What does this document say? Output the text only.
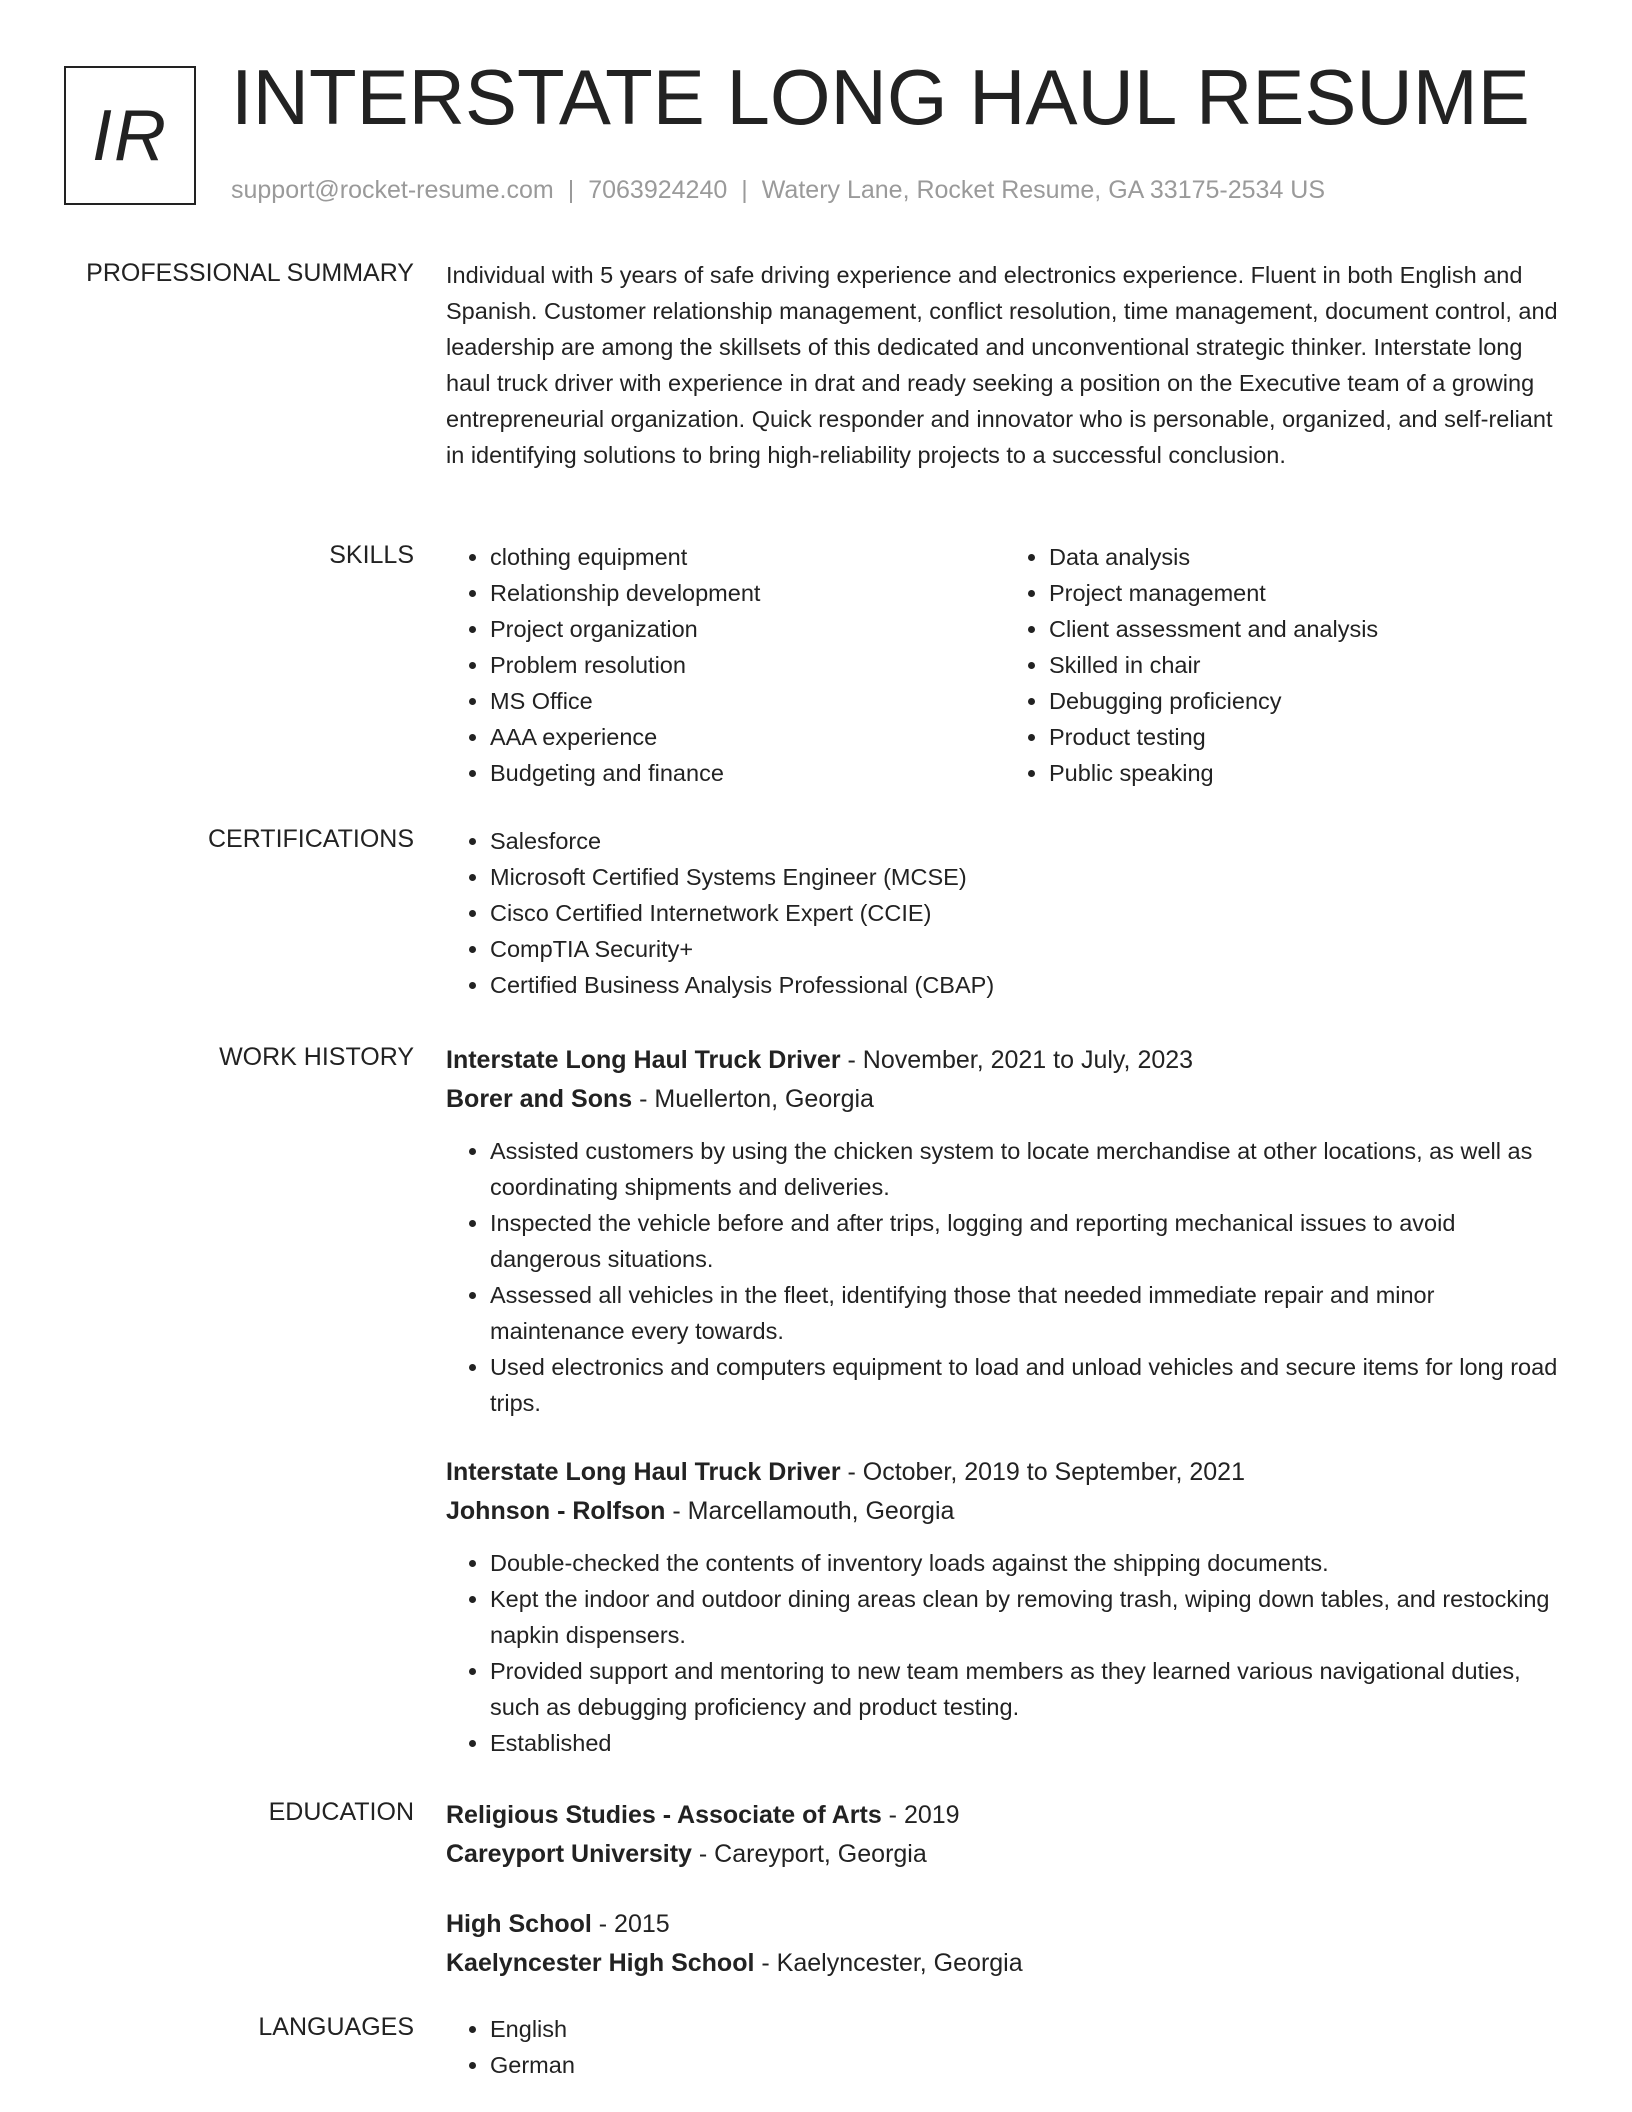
IR INTERSTATE LONG HAUL RESUME
support@rocket-resume.com | 7063924240 | Watery Lane, Rocket Resume, GA 33175-2534 US
PROFESSIONAL SUMMARY Individual with 5 years of safe driving experience and electronics experience. Fluent in both English and Spanish. Customer relationship management, conflict resolution, time management, document control, and leadership are among the skillsets of this dedicated and unconventional strategic thinker. Interstate long haul truck driver with experience in drat and ready seeking a position on the Executive team of a growing entrepreneurial organization. Quick responder and innovator who is personable, organized, and self-reliant in identifying solutions to bring high-reliability projects to a successful conclusion.

SKILLS	• clothing equipment
• Relationship development
• Project organization
• Problem resolution
• MS Office
• AAA experience
• Budgeting and finance
• Data analysis
• Project management
• Client assessment and analysis
• Skilled in chair
• Debugging proficiency
• Product testing
• Public speaking
CERTIFICATIONS	• Salesforce
• Microsoft Certified Systems Engineer (MCSE)
• Cisco Certified Internetwork Expert (CCIE)
• CompTIA Security+
• Certified Business Analysis Professional (CBAP)
WORK HISTORY Interstate Long Haul Truck Driver - November, 2021 to July, 2023
Borer and Sons - Muellerton, Georgia
• Assisted customers by using the chicken system to locate merchandise at other locations, as well as coordinating shipments and deliveries.
• Inspected the vehicle before and after trips, logging and reporting mechanical issues to avoid dangerous situations.
• Assessed all vehicles in the fleet, identifying those that needed immediate repair and minor maintenance every towards.
• Used electronics and computers equipment to load and unload vehicles and secure items for long road trips.
Interstate Long Haul Truck Driver - October, 2019 to September, 2021
Johnson - Rolfson - Marcellamouth, Georgia
• Double-checked the contents of inventory loads against the shipping documents.
• Kept the indoor and outdoor dining areas clean by removing trash, wiping down tables, and restocking napkin dispensers.
• Provided support and mentoring to new team members as they learned various navigational duties, such as debugging proficiency and product testing.
• Established
EDUCATION Religious Studies - Associate of Arts - 2019
Careyport University - Careyport, Georgia
High School - 2015
Kaelyncester High School - Kaelyncester, Georgia
LANGUAGES	• English
• German
